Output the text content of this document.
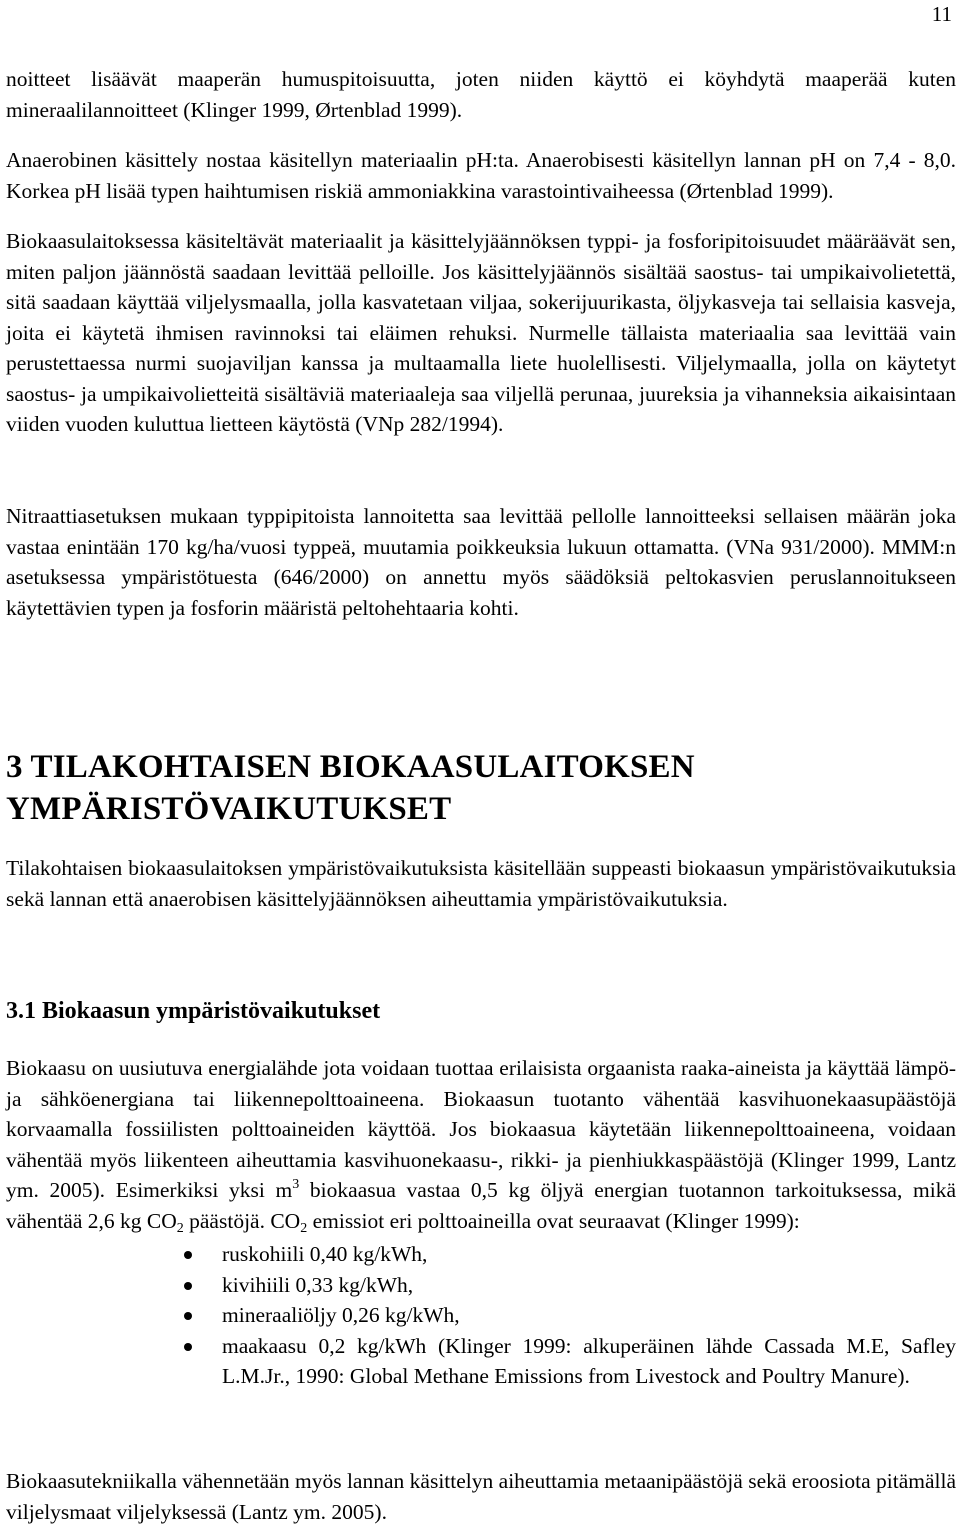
11

noitteet lisäävät maaperän humuspitoisuutta, joten niiden käyttö ei köyhdytä maaperää kuten mineraalilannoitteet (Klinger 1999, Ørtenblad 1999).

Anaerobinen käsittely nostaa käsitellyn materiaalin pH:ta. Anaerobisesti käsitellyn lannan pH on 7,4 - 8,0. Korkea pH lisää typen haihtumisen riskiä ammoniakkina varastointivaiheessa (Ørtenblad 1999).

Biokaasulaitoksessa käsiteltävät materiaalit ja käsittelyjäännöksen typpi- ja fosforipitoisuudet määräävät sen, miten paljon jäännöstä saadaan levittää pelloille. Jos käsittelyjäännös sisältää saostus- tai umpikaivolietettä, sitä saadaan käyttää viljelysmaalla, jolla kasvatetaan viljaa, sokerijuurikasta, öljykasveja tai sellaisia kasveja, joita ei käytetä ihmisen ravinnoksi tai eläimen rehuksi. Nurmelle tällaista materiaalia saa levittää vain perustettaessa nurmi suojaviljan kanssa ja multaamalla liete huolellisesti. Viljelymaalla, jolla on käytetyt saostus- ja umpikaivolietteitä sisältäviä materiaaleja saa viljellä perunaa, juureksia ja vihanneksia aikaisintaan viiden vuoden kuluttua lietteen käytöstä (VNp 282/1994).

Nitraattiasetuksen mukaan typpipitoista lannoitetta saa levittää pellolle lannoitteeksi sellaisen määrän joka vastaa enintään 170 kg/ha/vuosi typpeä, muutamia poikkeuksia lukuun ottamatta. (VNa 931/2000). MMM:n asetuksessa ympäristötuesta (646/2000) on annettu myös säädöksiä peltokasvien peruslannoitukseen käytettävien typen ja fosforin määristä peltohehtaaria kohti.

3 TILAKOHTAISEN BIOKAASULAITOKSEN YMPÄRISTÖVAIKUTUKSET

Tilakohtaisen biokaasulaitoksen ympäristövaikutuksista käsitellään suppeasti biokaasun ympäristövaikutuksia sekä lannan että anaerobisen käsittelyjäännöksen aiheuttamia ympäristövaikutuksia.

3.1 Biokaasun ympäristövaikutukset

Biokaasu on uusiutuva energialähde jota voidaan tuottaa erilaisista orgaanista raaka-aineista ja käyttää lämpö- ja sähköenergiana tai liikennepolttoaineena. Biokaasun tuotanto vähentää kasvihuonekaasupäästöjä korvaamalla fossiilisten polttoaineiden käyttöä. Jos biokaasua käytetään liikennepolttoaineena, voidaan vähentää myös liikenteen aiheuttamia kasvihuonekaasu-, rikki- ja pienhiukkaspäästöjä (Klinger 1999, Lantz ym. 2005). Esimerkiksi yksi $m^3$ biokaasua vastaa 0,5 kg öljyä energian tuotannon tarkoituksessa, mikä vähentää 2,6 kg $CO_2$ päästöjä. $CO_2$ emissiot eri polttoaineilla ovat seuraavat (Klinger 1999):

ruskohiili 0,40 kg/kWh,
kivihiili 0,33 kg/kWh,
mineraaliöljy 0,26 kg/kWh,
maakaasu 0,2 kg/kWh (Klinger 1999: alkuperäinen lähde Cassada M.E, Safley L.M.Jr., 1990: Global Methane Emissions from Livestock and Poultry Manure).

Biokaasutekniikalla vähennetään myös lannan käsittelyn aiheuttamia metaanipäästöjä sekä eroosiota pitämällä viljelysmaat viljelyksessä (Lantz ym. 2005).
